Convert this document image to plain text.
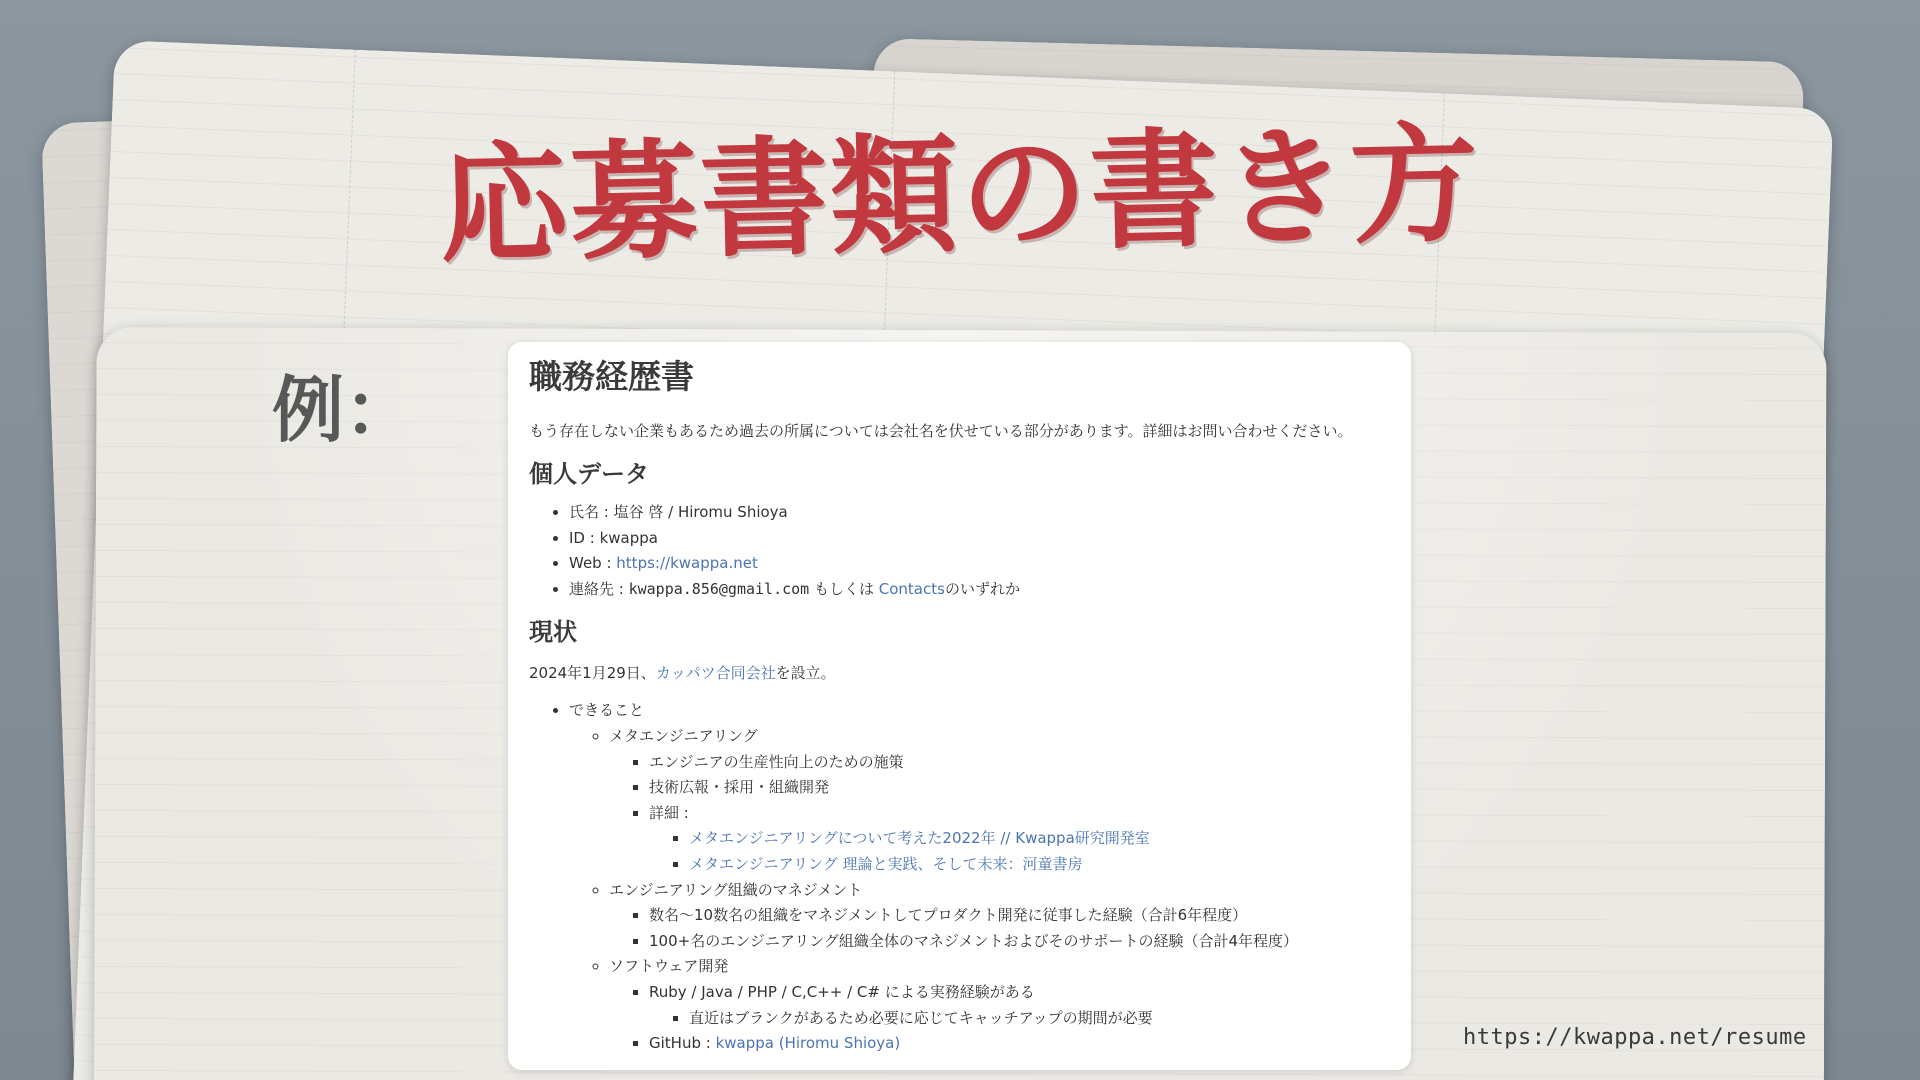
応募書類の書き方
例：	職務経歴書

もう存在しない企業もあるため過去の所属については会社名を伏せている部分があります。詳細はお問い合わせください。

個人データ
• 氏名 : 塩谷 啓 / Hiromu Shioya
• ID : kwappa
• Web : https://kwappa.net
• 連絡先 : kwappa.856@gmail.com もしくは Contactsのいずれか
現状

2024年1月29日、カッパツ合同会社を設立。

• できること
◦ メタエンジニアリング
▪ エンジニアの生産性向上のための施策
▪ 技術広報・採用・組織開発
▪ 詳細 :
▪ メタエンジニアリングについて考えた2022年 // Kwappa研究開発室
▪ メタエンジニアリング 理論と実践、そして未来：河童書房
◦ エンジニアリング組織のマネジメント
▪ 数名〜10数名の組織をマネジメントしてプロダクト開発に従事した経験（合計6年程度）
▪ 100+名のエンジニアリング組織全体のマネジメントおよびそのサポートの経験（合計4年程度）
◦ ソフトウェア開発
▪ Ruby / Java / PHP / C,C++ / C# による実務経験がある
▪ 直近はブランクがあるため必要に応じてキャッチアップの期間が必要
▪ GitHub : kwappa (Hiromu Shioya)	https://kwappa.net/resume
